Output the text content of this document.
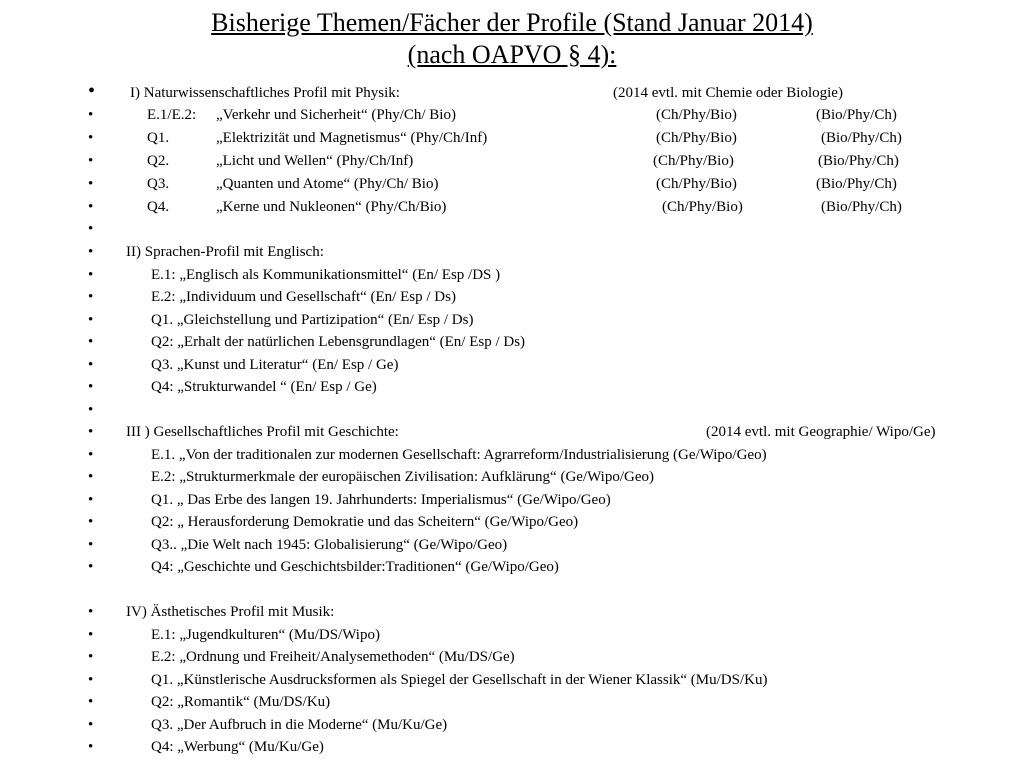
Bisherige Themen/Fächer der Profile (Stand Januar 2014)
(nach OAPVO § 4):
• I) Naturwissenschaftliches Profil mit Physik:	(2014 evtl. mit Chemie oder Biologie)
•	E.1/E.2: „Verkehr und Sicherheit“ (Phy/Ch/ Bio)	(Ch/Phy/Bio)	(Bio/Phy/Ch)
•	Q1.	„Elektrizität und Magnetismus“ (Phy/Ch/Inf)	(Ch/Phy/Bio)	(Bio/Phy/Ch)
•	Q2.	„Licht und Wellen“ (Phy/Ch/Inf)	(Ch/Phy/Bio)	(Bio/Phy/Ch)
•	Q3.	„Quanten und Atome“ (Phy/Ch/ Bio)	(Ch/Phy/Bio)	(Bio/Phy/Ch)
•	Q4.	„Kerne und Nukleonen“ (Phy/Ch/Bio)	(Ch/Phy/Bio)	(Bio/Phy/Ch)
•
• II) Sprachen-Profil mit Englisch:
•	E.1: „Englisch als Kommunikationsmittel“ (En/ Esp /DS )
•	E.2: „Individuum und Gesellschaft“ (En/ Esp / Ds)
•	Q1. „Gleichstellung und Partizipation“ (En/ Esp / Ds)
•	Q2: „Erhalt der natürlichen Lebensgrundlagen“ (En/ Esp / Ds)
•	Q3. „Kunst und Literatur“ (En/ Esp / Ge)
•	Q4: „Strukturwandel “ (En/ Esp / Ge)
•
• III ) Gesellschaftliches Profil mit Geschichte:	(2014 evtl. mit Geographie/ Wipo/Ge)
•	E.1. „Von der traditionalen zur modernen Gesellschaft: Agrarreform/Industrialisierung (Ge/Wipo/Geo)
•	E.2: „Strukturmerkmale der europäischen Zivilisation: Aufklärung“ (Ge/Wipo/Geo)
•	Q1. „ Das Erbe des langen 19. Jahrhunderts: Imperialismus“ (Ge/Wipo/Geo)
•	Q2: „ Herausforderung Demokratie und das Scheitern“ (Ge/Wipo/Geo)
•	Q3.. „Die Welt nach 1945: Globalisierung“ (Ge/Wipo/Geo)
•	Q4: „Geschichte und Geschichtsbilder:Traditionen“ (Ge/Wipo/Geo)
• IV) Ästhetisches Profil mit Musik:
•	E.1: „Jugendkulturen“ (Mu/DS/Wipo)
•	E.2: „Ordnung und Freiheit/Analysemethoden“ (Mu/DS/Ge)
•	Q1. „Künstlerische Ausdrucksformen als Spiegel der Gesellschaft in der Wiener Klassik“ (Mu/DS/Ku)
•	Q2: „Romantik“ (Mu/DS/Ku)
•	Q3. „Der Aufbruch in die Moderne“ (Mu/Ku/Ge)
•	Q4: „Werbung“ (Mu/Ku/Ge)
